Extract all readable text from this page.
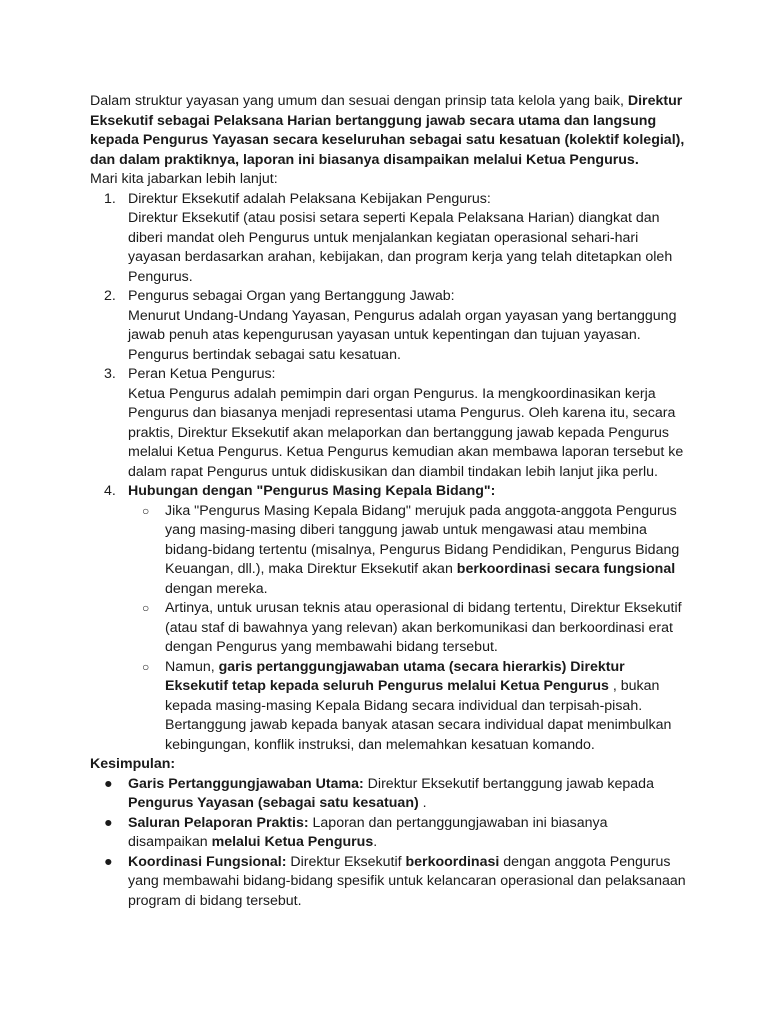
Dalam struktur yayasan yang umum dan sesuai dengan prinsip tata kelola yang baik, Direktur Eksekutif sebagai Pelaksana Harian bertanggung jawab secara utama dan langsung kepada Pengurus Yayasan secara keseluruhan sebagai satu kesatuan (kolektif kolegial), dan dalam praktiknya, laporan ini biasanya disampaikan melalui Ketua Pengurus.

Mari kita jabarkan lebih lanjut:

1. Direktur Eksekutif adalah Pelaksana Kebijakan Pengurus:
Direktur Eksekutif (atau posisi setara seperti Kepala Pelaksana Harian) diangkat dan diberi mandat oleh Pengurus untuk menjalankan kegiatan operasional sehari-hari yayasan berdasarkan arahan, kebijakan, dan program kerja yang telah ditetapkan oleh Pengurus.
2. Pengurus sebagai Organ yang Bertanggung Jawab:
Menurut Undang-Undang Yayasan, Pengurus adalah organ yayasan yang bertanggung jawab penuh atas kepengurusan yayasan untuk kepentingan dan tujuan yayasan. Pengurus bertindak sebagai satu kesatuan.
3. Peran Ketua Pengurus:
Ketua Pengurus adalah pemimpin dari organ Pengurus. Ia mengkoordinasikan kerja Pengurus dan biasanya menjadi representasi utama Pengurus. Oleh karena itu, secara praktis, Direktur Eksekutif akan melaporkan dan bertanggung jawab kepada Pengurus melalui Ketua Pengurus. Ketua Pengurus kemudian akan membawa laporan tersebut ke dalam rapat Pengurus untuk didiskusikan dan diambil tindakan lebih lanjut jika perlu.
4. Hubungan dengan "Pengurus Masing Kepala Bidang":
○ Jika "Pengurus Masing Kepala Bidang" merujuk pada anggota-anggota Pengurus yang masing-masing diberi tanggung jawab untuk mengawasi atau membina bidang-bidang tertentu (misalnya, Pengurus Bidang Pendidikan, Pengurus Bidang Keuangan, dll.), maka Direktur Eksekutif akan berkoordinasi secara fungsional dengan mereka.
○ Artinya, untuk urusan teknis atau operasional di bidang tertentu, Direktur Eksekutif (atau staf di bawahnya yang relevan) akan berkomunikasi dan berkoordinasi erat dengan Pengurus yang membawahi bidang tersebut.
○ Namun, garis pertanggungjawaban utama (secara hierarkis) Direktur Eksekutif tetap kepada seluruh Pengurus melalui Ketua Pengurus , bukan kepada masing-masing Kepala Bidang secara individual dan terpisah-pisah. Bertanggung jawab kepada banyak atasan secara individual dapat menimbulkan kebingungan, konflik instruksi, dan melemahkan kesatuan komando.

Kesimpulan:

● Garis Pertanggungjawaban Utama: Direktur Eksekutif bertanggung jawab kepada Pengurus Yayasan (sebagai satu kesatuan) .
● Saluran Pelaporan Praktis: Laporan dan pertanggungjawaban ini biasanya disampaikan melalui Ketua Pengurus.
● Koordinasi Fungsional: Direktur Eksekutif berkoordinasi dengan anggota Pengurus yang membawahi bidang-bidang spesifik untuk kelancaran operasional dan pelaksanaan program di bidang tersebut.
